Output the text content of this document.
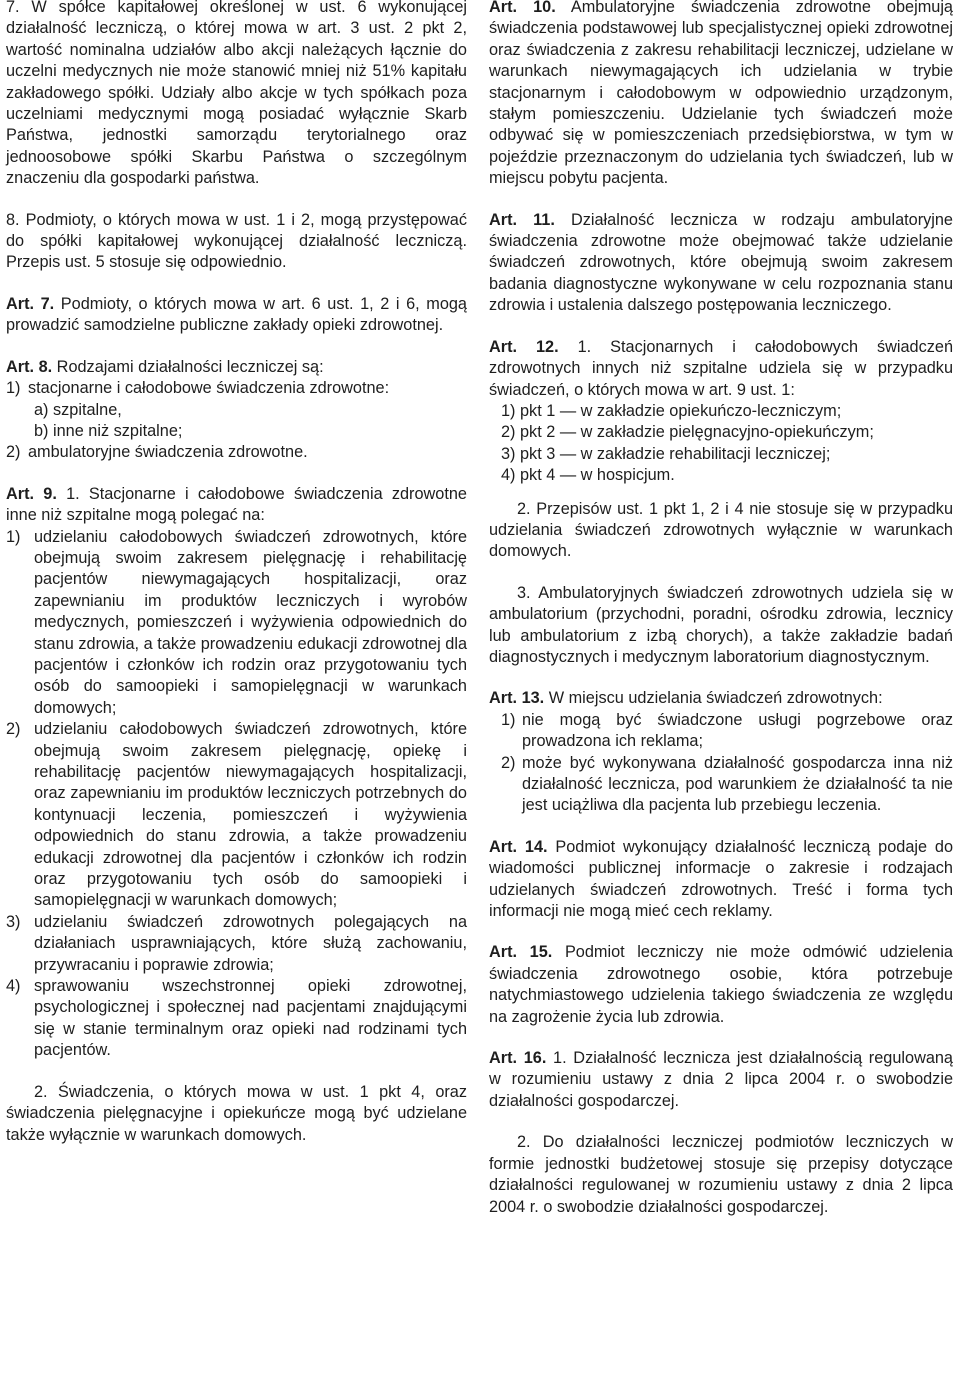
7. W spółce kapitałowej określonej w ust. 6 wykonującej działalność leczniczą, o której mowa w art. 3 ust. 2 pkt 2, wartość nominalna udziałów albo akcji należących łącznie do uczelni medycznych nie może stanowić mniej niż 51% kapitału zakładowego spółki. Udziały albo akcje w tych spółkach poza uczelniami medycznymi mogą posiadać wyłącznie Skarb Państwa, jednostki samorządu terytorialnego oraz jednoosobowe spółki Skarbu Państwa o szczególnym znaczeniu dla gospodarki państwa.

8. Podmioty, o których mowa w ust. 1 i 2, mogą przystępować do spółki kapitałowej wykonującej działalność leczniczą. Przepis ust. 5 stosuje się odpowiednio.

Art. 7. Podmioty, o których mowa w art. 6 ust. 1, 2 i 6, mogą prowadzić samodzielne publiczne zakłady opieki zdrowotnej.

Art. 8. Rodzajami działalności leczniczej są:

1) stacjonarne i całodobowe świadczenia zdrowotne:

a) szpitalne,

b) inne niż szpitalne;

2) ambulatoryjne świadczenia zdrowotne.

Art. 9. 1. Stacjonarne i całodobowe świadczenia zdrowotne inne niż szpitalne mogą polegać na:

1) udzielaniu całodobowych świadczeń zdrowotnych, które obejmują swoim zakresem pielęgnację i rehabilitację pacjentów niewymagających hospitalizacji, oraz zapewnianiu im produktów leczniczych i wyrobów medycznych, pomieszczeń i wyżywienia odpowiednich do stanu zdrowia, a także prowadzeniu edukacji zdrowotnej dla pacjentów i członków ich rodzin oraz przygotowaniu tych osób do samoopieki i samopielęgnacji w warunkach domowych;
2) udzielaniu całodobowych świadczeń zdrowotnych, które obejmują swoim zakresem pielęgnację, opiekę i rehabilitację pacjentów niewymagających hospitalizacji, oraz zapewnianiu im produktów leczniczych potrzebnych do kontynuacji leczenia, pomieszczeń i wyżywienia odpowiednich do stanu zdrowia, a także prowadzeniu edukacji zdrowotnej dla pacjentów i członków ich rodzin oraz przygotowaniu tych osób do samoopieki i samopielęgnacji w warunkach domowych;
3) udzielaniu świadczeń zdrowotnych polegających na działaniach usprawniających, które służą zachowaniu, przywracaniu i poprawie zdrowia;
4) sprawowaniu wszechstronnej opieki zdrowotnej, psychologicznej i społecznej nad pacjentami znajdującymi się w stanie terminalnym oraz opieki nad rodzinami tych pacjentów.

2. Świadczenia, o których mowa w ust. 1 pkt 4, oraz świadczenia pielęgnacyjne i opiekuńcze mogą być udzielane także wyłącznie w warunkach domowych.

Art. 10. Ambulatoryjne świadczenia zdrowotne obejmują świadczenia podstawowej lub specjalistycznej opieki zdrowotnej oraz świadczenia z zakresu rehabilitacji leczniczej, udzielane w warunkach niewymagających ich udzielania w trybie stacjonarnym i całodobowym w odpowiednio urządzonym, stałym pomieszczeniu. Udzielanie tych świadczeń może odbywać się w pomieszczeniach przedsiębiorstwa, w tym w pojeździe przeznaczonym do udzielania tych świadczeń, lub w miejscu pobytu pacjenta.

Art. 11. Działalność lecznicza w rodzaju ambulatoryjne świadczenia zdrowotne może obejmować także udzielanie świadczeń zdrowotnych, które obejmują swoim zakresem badania diagnostyczne wykonywane w celu rozpoznania stanu zdrowia i ustalenia dalszego postępowania leczniczego.

Art. 12. 1. Stacjonarnych i całodobowych świadczeń zdrowotnych innych niż szpitalne udziela się w przypadku świadczeń, o których mowa w art. 9 ust. 1:

1) pkt 1 — w zakładzie opiekuńczo-leczniczym;

2) pkt 2 — w zakładzie pielęgnacyjno-opiekuńczym;

3) pkt 3 — w zakładzie rehabilitacji leczniczej;

4) pkt 4 — w hospicjum.

2. Przepisów ust. 1 pkt 1, 2 i 4 nie stosuje się w przypadku udzielania świadczeń zdrowotnych wyłącznie w warunkach domowych.

3. Ambulatoryjnych świadczeń zdrowotnych udziela się w ambulatorium (przychodni, poradni, ośrodku zdrowia, lecznicy lub ambulatorium z izbą chorych), a także zakładzie badań diagnostycznych i medycznym laboratorium diagnostycznym.

Art. 13. W miejscu udzielania świadczeń zdrowotnych:

1) nie mogą być świadczone usługi pogrzebowe oraz prowadzona ich reklama;
2) może być wykonywana działalność gospodarcza inna niż działalność lecznicza, pod warunkiem że działalność ta nie jest uciążliwa dla pacjenta lub przebiegu leczenia.

Art. 14. Podmiot wykonujący działalność leczniczą podaje do wiadomości publicznej informacje o zakresie i rodzajach udzielanych świadczeń zdrowotnych. Treść i forma tych informacji nie mogą mieć cech reklamy.

Art. 15. Podmiot leczniczy nie może odmówić udzielenia świadczenia zdrowotnego osobie, która potrzebuje natychmiastowego udzielenia takiego świadczenia ze względu na zagrożenie życia lub zdrowia.

Art. 16. 1. Działalność lecznicza jest działalnością regulowaną w rozumieniu ustawy z dnia 2 lipca 2004 r. o swobodzie działalności gospodarczej.

2. Do działalności leczniczej podmiotów leczniczych w formie jednostki budżetowej stosuje się przepisy dotyczące działalności regulowanej w rozumieniu ustawy z dnia 2 lipca 2004 r. o swobodzie działalności gospodarczej.
